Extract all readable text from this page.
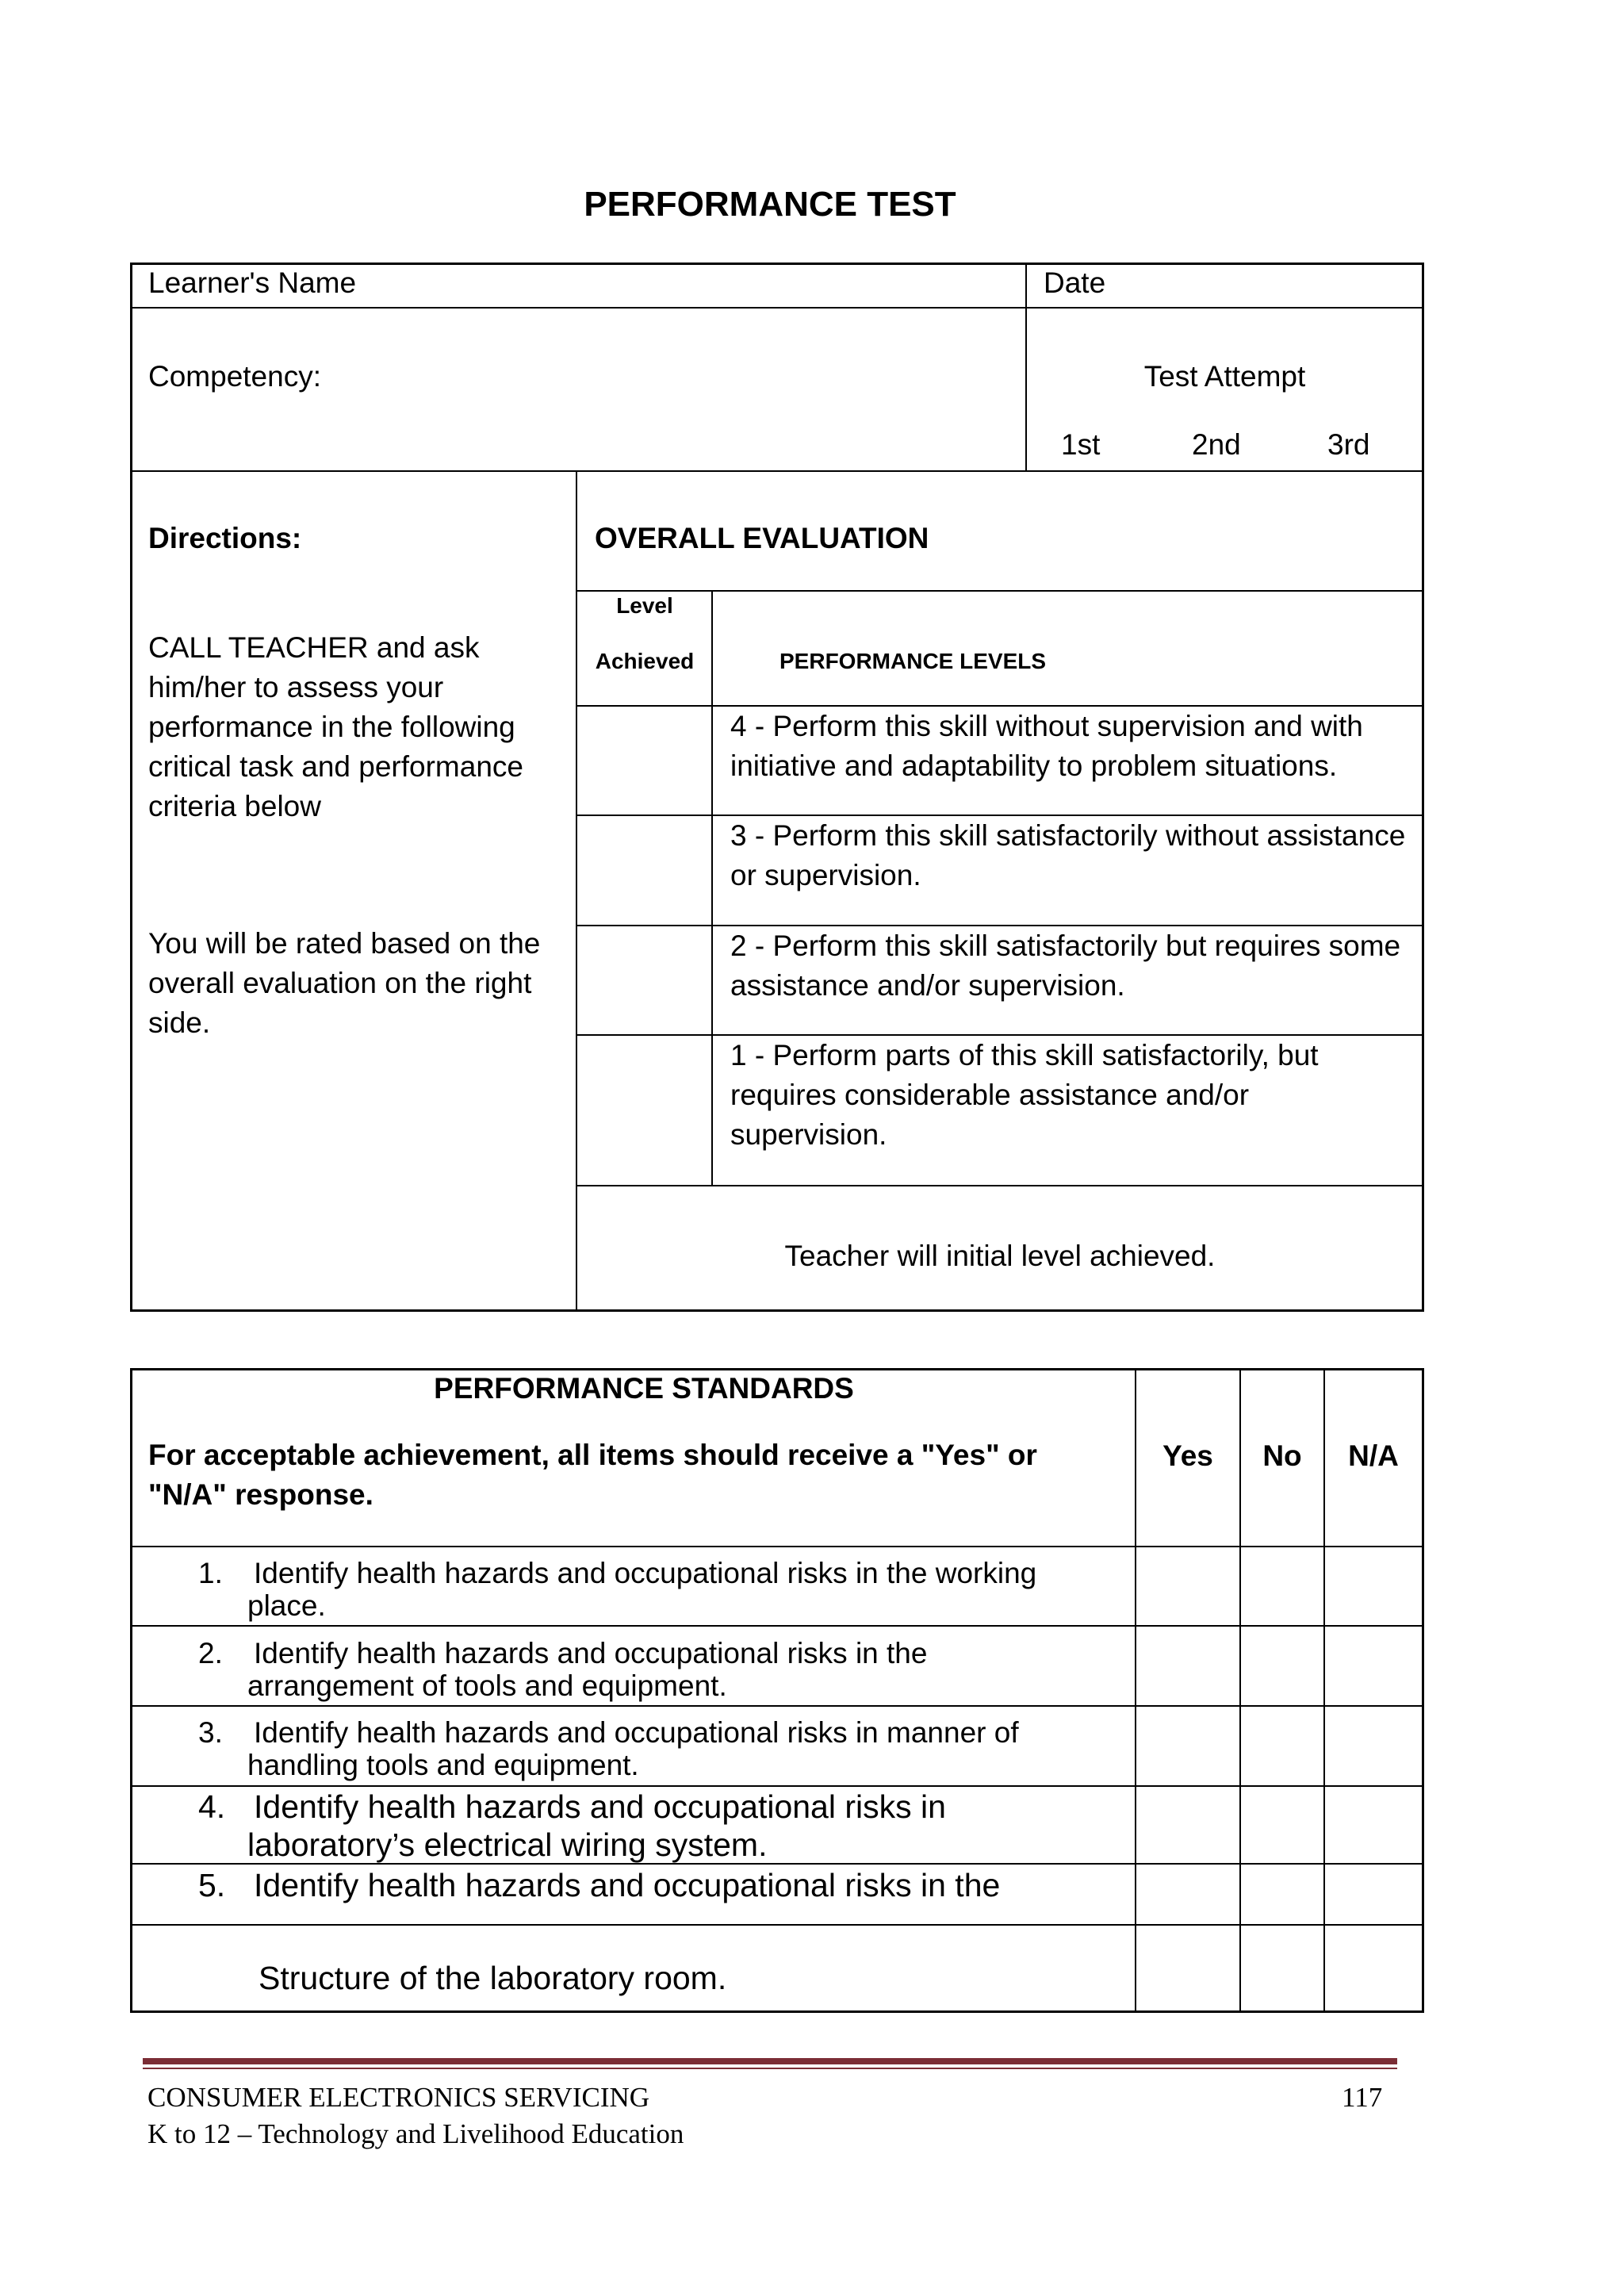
PERFORMANCE TEST
Learner's Name	Date
Competency:	Test Attempt
1st	2nd	3rd
Directions:
CALL TEACHER and ask him/her to assess your performance in the following critical task and performance criteria below
You will be rated based on the overall evaluation on the right side.
OVERALL EVALUATION
Level
Achieved	PERFORMANCE LEVELS
4 - Perform this skill without supervision and with initiative and adaptability to problem situations.
3 - Perform this skill satisfactorily without assistance or supervision.
2 - Perform this skill satisfactorily but requires some assistance and/or supervision.
1 - Perform parts of this skill satisfactorily, but requires considerable assistance and/or supervision.
Teacher will initial level achieved.
PERFORMANCE STANDARDS
For acceptable achievement, all items should receive a "Yes" or "N/A" response.
Yes	No	N/A
1. Identify health hazards and occupational risks in the working
place.
2. Identify health hazards and occupational risks in the
arrangement of tools and equipment.
3. Identify health hazards and occupational risks in manner of
handling tools and equipment.
4. Identify health hazards and occupational risks in
laboratory’s electrical wiring system.
5. Identify health hazards and occupational risks in the
Structure of the laboratory room.
CONSUMER ELECTRONICS SERVICING
K to 12 – Technology and Livelihood Education
117
